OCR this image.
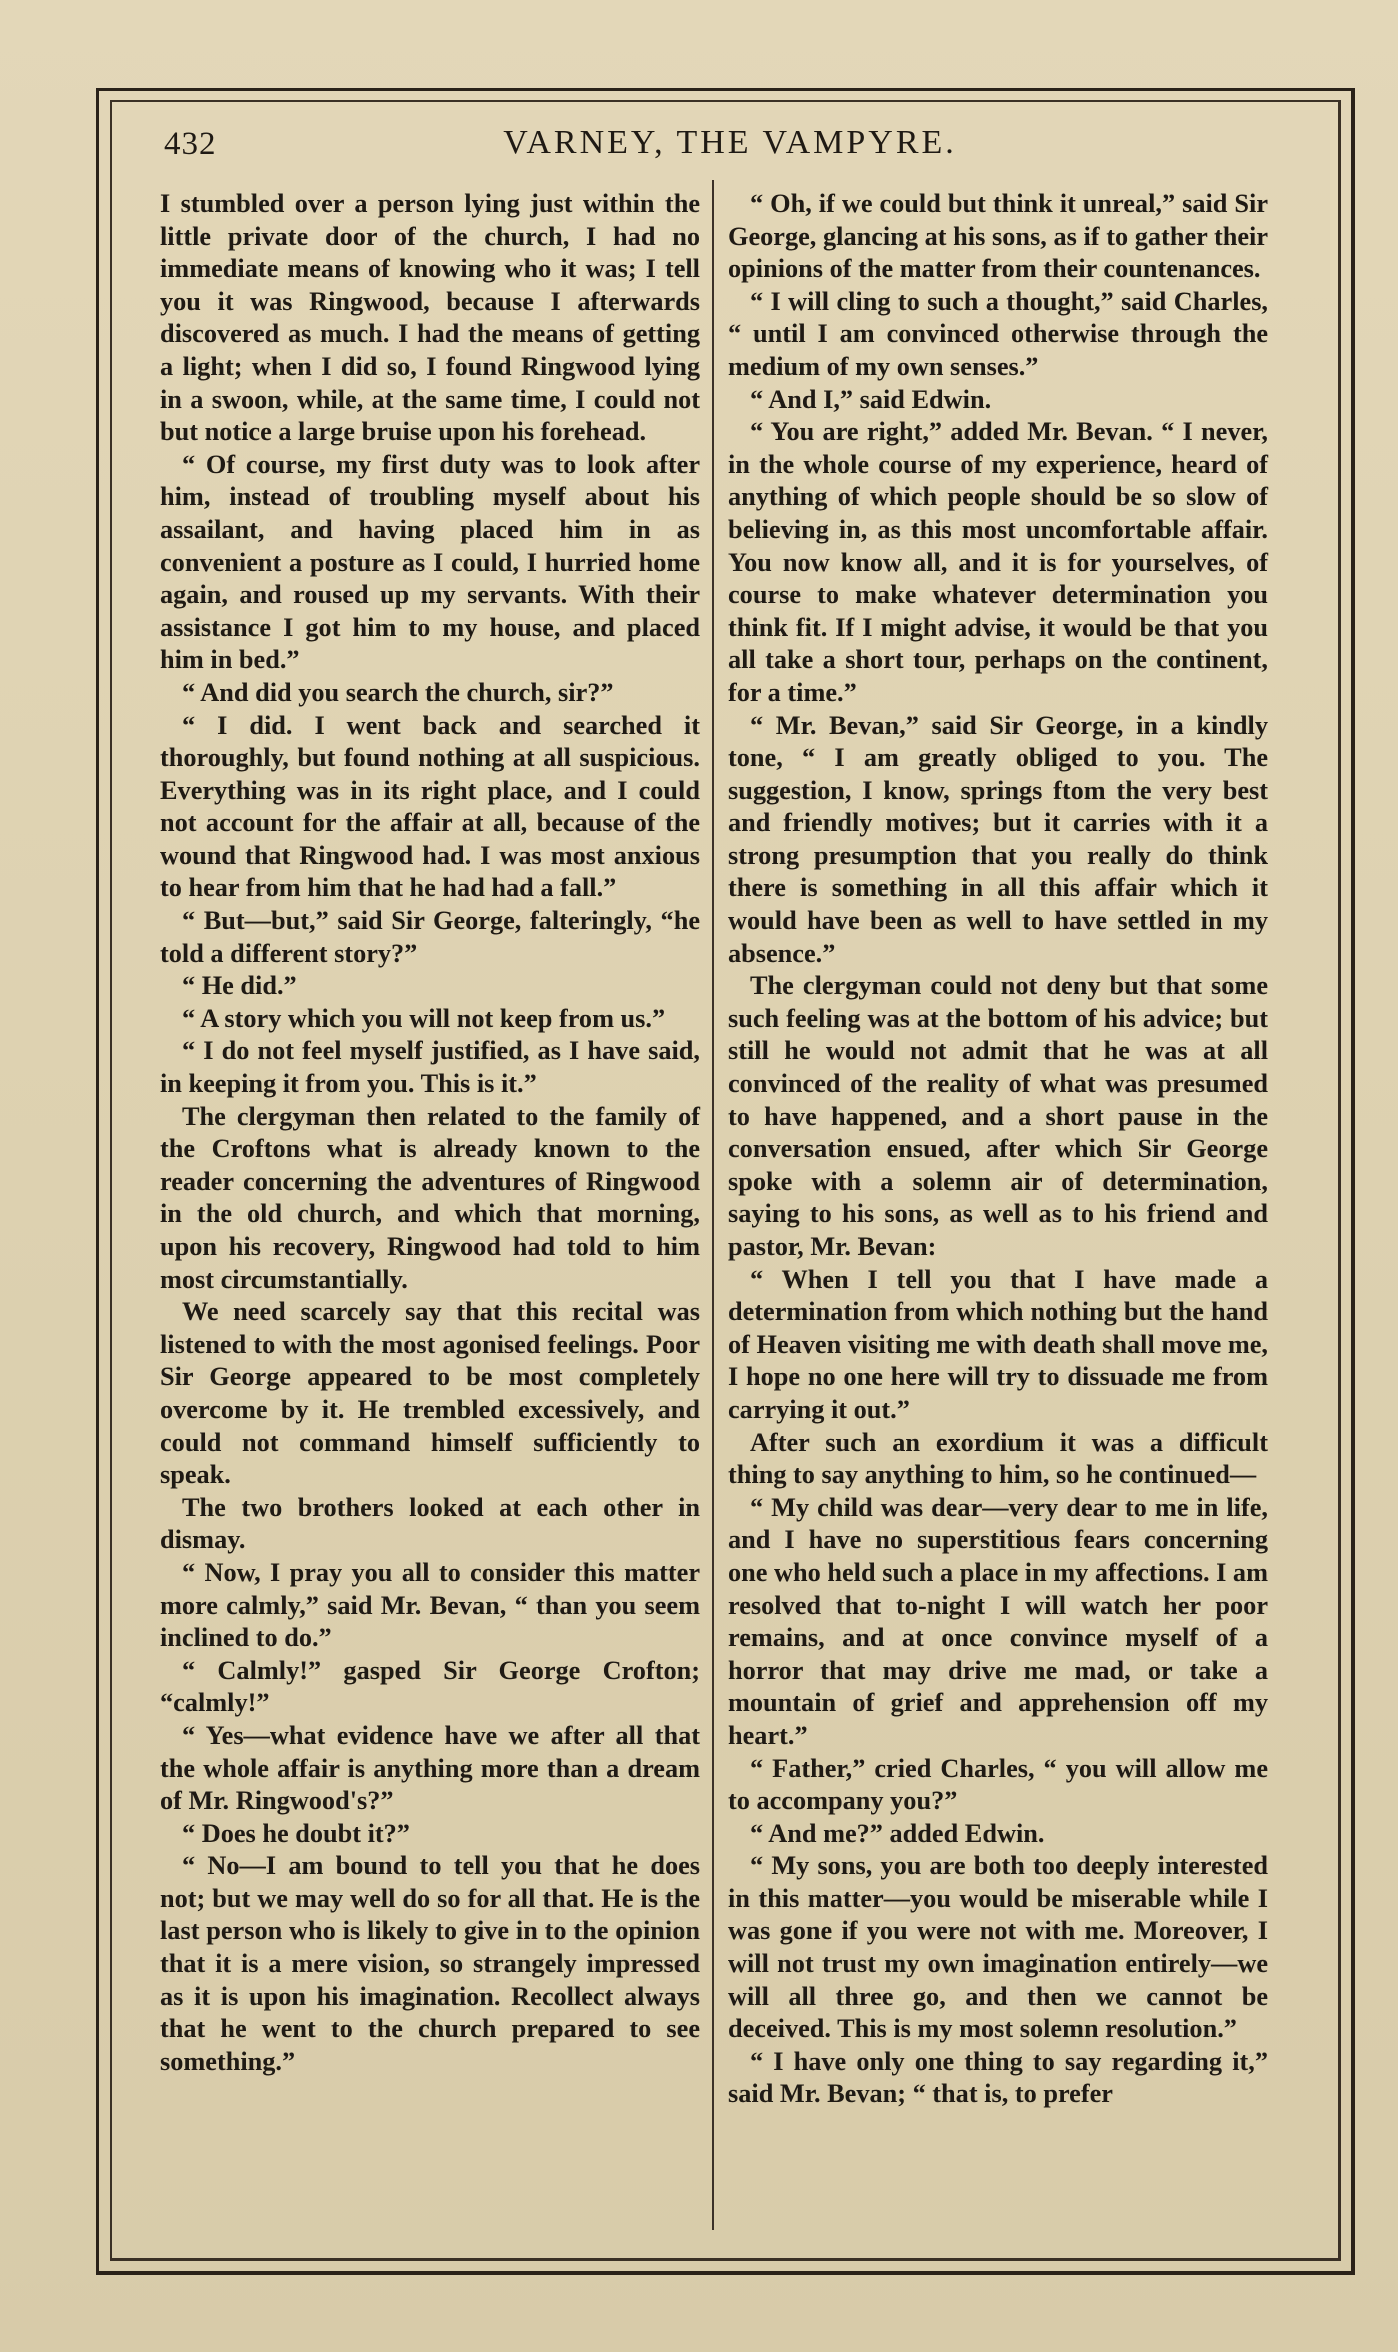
432	VARNEY, THE VAMPYRE.

I stumbled over a person lying just within the little private door of the church, I had no immediate means of knowing who it was; I tell you it was Ringwood, because I afterwards discovered as much. I had the means of getting a light; when I did so, I found Ringwood lying in a swoon, while, at the same time, I could not but notice a large bruise upon his forehead.

“ Of course, my first duty was to look after him, instead of troubling myself about his assailant, and having placed him in as convenient a posture as I could, I hurried home again, and roused up my servants. With their assistance I got him to my house, and placed him in bed.”

“ And did you search the church, sir?”

“ I did. I went back and searched it thoroughly, but found nothing at all suspicious. Everything was in its right place, and I could not account for the affair at all, because of the wound that Ringwood had. I was most anxious to hear from him that he had had a fall.”

“ But—but,” said Sir George, falteringly, “he told a different story?”

“ He did.”

“ A story which you will not keep from us.”

“ I do not feel myself justified, as I have said, in keeping it from you. This is it.”

The clergyman then related to the family of the Croftons what is already known to the reader concerning the adventures of Ringwood in the old church, and which that morning, upon his recovery, Ringwood had told to him most circumstantially.

We need scarcely say that this recital was listened to with the most agonised feelings. Poor Sir George appeared to be most completely overcome by it. He trembled excessively, and could not command himself sufficiently to speak.

The two brothers looked at each other in dismay.

“ Now, I pray you all to consider this matter more calmly,” said Mr. Bevan, “ than you seem inclined to do.”

“ Calmly!” gasped Sir George Crofton; “calmly!”

“ Yes—what evidence have we after all that the whole affair is anything more than a dream of Mr. Ringwood's?”

“ Does he doubt it?”

“ No—I am bound to tell you that he does not; but we may well do so for all that. He is the last person who is likely to give in to the opinion that it is a mere vision, so strangely impressed as it is upon his imagination. Recollect always that he went to the church prepared to see something.”

“ Oh, if we could but think it unreal,” said Sir George, glancing at his sons, as if to gather their opinions of the matter from their countenances.

“ I will cling to such a thought,” said Charles, “ until I am convinced otherwise through the medium of my own senses.”

“ And I,” said Edwin.

“ You are right,” added Mr. Bevan. “ I never, in the whole course of my experience, heard of anything of which people should be so slow of believing in, as this most uncomfortable affair. You now know all, and it is for yourselves, of course to make whatever determination you think fit. If I might advise, it would be that you all take a short tour, perhaps on the continent, for a time.”

“ Mr. Bevan,” said Sir George, in a kindly tone, “ I am greatly obliged to you. The suggestion, I know, springs ftom the very best and friendly motives; but it carries with it a strong presumption that you really do think there is something in all this affair which it would have been as well to have settled in my absence.”

The clergyman could not deny but that some such feeling was at the bottom of his advice; but still he would not admit that he was at all convinced of the reality of what was presumed to have happened, and a short pause in the conversation ensued, after which Sir George spoke with a solemn air of determination, saying to his sons, as well as to his friend and pastor, Mr. Bevan:

“ When I tell you that I have made a determination from which nothing but the hand of Heaven visiting me with death shall move me, I hope no one here will try to dissuade me from carrying it out.”

After such an exordium it was a difficult thing to say anything to him, so he continued—

“ My child was dear—very dear to me in life, and I have no superstitious fears concerning one who held such a place in my affections. I am resolved that to-night I will watch her poor remains, and at once convince myself of a horror that may drive me mad, or take a mountain of grief and apprehension off my heart.”

“ Father,” cried Charles, “ you will allow me to accompany you?”

“ And me?” added Edwin.

“ My sons, you are both too deeply interested in this matter—you would be miserable while I was gone if you were not with me. Moreover, I will not trust my own imagination entirely—we will all three go, and then we cannot be deceived. This is my most solemn resolution.”

“ I have only one thing to say regarding it,” said Mr. Bevan; “ that is, to prefer
